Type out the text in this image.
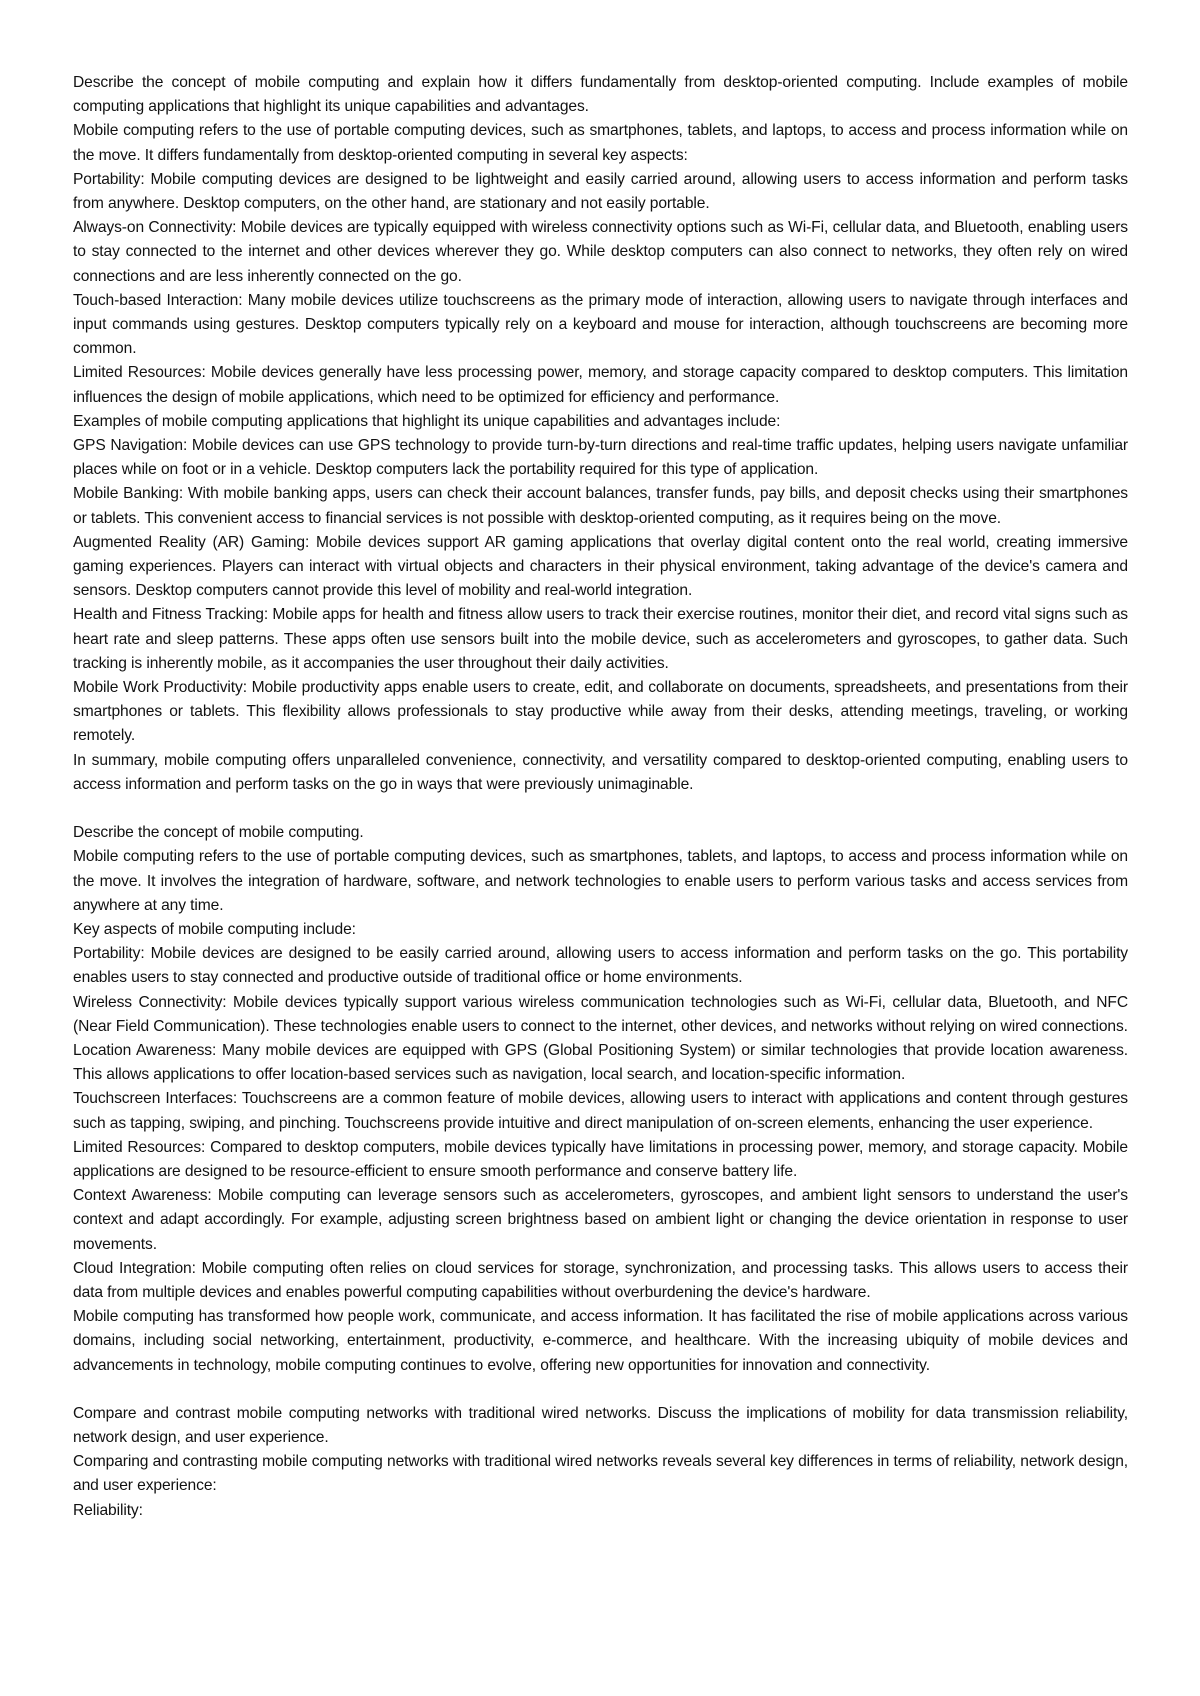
Describe the concept of mobile computing and explain how it differs fundamentally from desktop-oriented computing. Include examples of mobile computing applications that highlight its unique capabilities and advantages.

Mobile computing refers to the use of portable computing devices, such as smartphones, tablets, and laptops, to access and process information while on the move. It differs fundamentally from desktop-oriented computing in several key aspects:

Portability: Mobile computing devices are designed to be lightweight and easily carried around, allowing users to access information and perform tasks from anywhere. Desktop computers, on the other hand, are stationary and not easily portable.

Always-on Connectivity: Mobile devices are typically equipped with wireless connectivity options such as Wi-Fi, cellular data, and Bluetooth, enabling users to stay connected to the internet and other devices wherever they go. While desktop computers can also connect to networks, they often rely on wired connections and are less inherently connected on the go.

Touch-based Interaction: Many mobile devices utilize touchscreens as the primary mode of interaction, allowing users to navigate through interfaces and input commands using gestures. Desktop computers typically rely on a keyboard and mouse for interaction, although touchscreens are becoming more common.

Limited Resources: Mobile devices generally have less processing power, memory, and storage capacity compared to desktop computers. This limitation influences the design of mobile applications, which need to be optimized for efficiency and performance.

Examples of mobile computing applications that highlight its unique capabilities and advantages include:

GPS Navigation: Mobile devices can use GPS technology to provide turn-by-turn directions and real-time traffic updates, helping users navigate unfamiliar places while on foot or in a vehicle. Desktop computers lack the portability required for this type of application.

Mobile Banking: With mobile banking apps, users can check their account balances, transfer funds, pay bills, and deposit checks using their smartphones or tablets. This convenient access to financial services is not possible with desktop-oriented computing, as it requires being on the move.

Augmented Reality (AR) Gaming: Mobile devices support AR gaming applications that overlay digital content onto the real world, creating immersive gaming experiences. Players can interact with virtual objects and characters in their physical environment, taking advantage of the device's camera and sensors. Desktop computers cannot provide this level of mobility and real-world integration.

Health and Fitness Tracking: Mobile apps for health and fitness allow users to track their exercise routines, monitor their diet, and record vital signs such as heart rate and sleep patterns. These apps often use sensors built into the mobile device, such as accelerometers and gyroscopes, to gather data. Such tracking is inherently mobile, as it accompanies the user throughout their daily activities.

Mobile Work Productivity: Mobile productivity apps enable users to create, edit, and collaborate on documents, spreadsheets, and presentations from their smartphones or tablets. This flexibility allows professionals to stay productive while away from their desks, attending meetings, traveling, or working remotely.

In summary, mobile computing offers unparalleled convenience, connectivity, and versatility compared to desktop-oriented computing, enabling users to access information and perform tasks on the go in ways that were previously unimaginable.

Describe the concept of mobile computing.

Mobile computing refers to the use of portable computing devices, such as smartphones, tablets, and laptops, to access and process information while on the move. It involves the integration of hardware, software, and network technologies to enable users to perform various tasks and access services from anywhere at any time.

Key aspects of mobile computing include:

Portability: Mobile devices are designed to be easily carried around, allowing users to access information and perform tasks on the go. This portability enables users to stay connected and productive outside of traditional office or home environments.

Wireless Connectivity: Mobile devices typically support various wireless communication technologies such as Wi-Fi, cellular data, Bluetooth, and NFC (Near Field Communication). These technologies enable users to connect to the internet, other devices, and networks without relying on wired connections.

Location Awareness: Many mobile devices are equipped with GPS (Global Positioning System) or similar technologies that provide location awareness. This allows applications to offer location-based services such as navigation, local search, and location-specific information.

Touchscreen Interfaces: Touchscreens are a common feature of mobile devices, allowing users to interact with applications and content through gestures such as tapping, swiping, and pinching. Touchscreens provide intuitive and direct manipulation of on-screen elements, enhancing the user experience.

Limited Resources: Compared to desktop computers, mobile devices typically have limitations in processing power, memory, and storage capacity. Mobile applications are designed to be resource-efficient to ensure smooth performance and conserve battery life.

Context Awareness: Mobile computing can leverage sensors such as accelerometers, gyroscopes, and ambient light sensors to understand the user's context and adapt accordingly. For example, adjusting screen brightness based on ambient light or changing the device orientation in response to user movements.

Cloud Integration: Mobile computing often relies on cloud services for storage, synchronization, and processing tasks. This allows users to access their data from multiple devices and enables powerful computing capabilities without overburdening the device's hardware.

Mobile computing has transformed how people work, communicate, and access information. It has facilitated the rise of mobile applications across various domains, including social networking, entertainment, productivity, e-commerce, and healthcare. With the increasing ubiquity of mobile devices and advancements in technology, mobile computing continues to evolve, offering new opportunities for innovation and connectivity.

Compare and contrast mobile computing networks with traditional wired networks. Discuss the implications of mobility for data transmission reliability, network design, and user experience.

Comparing and contrasting mobile computing networks with traditional wired networks reveals several key differences in terms of reliability, network design, and user experience:

Reliability:
